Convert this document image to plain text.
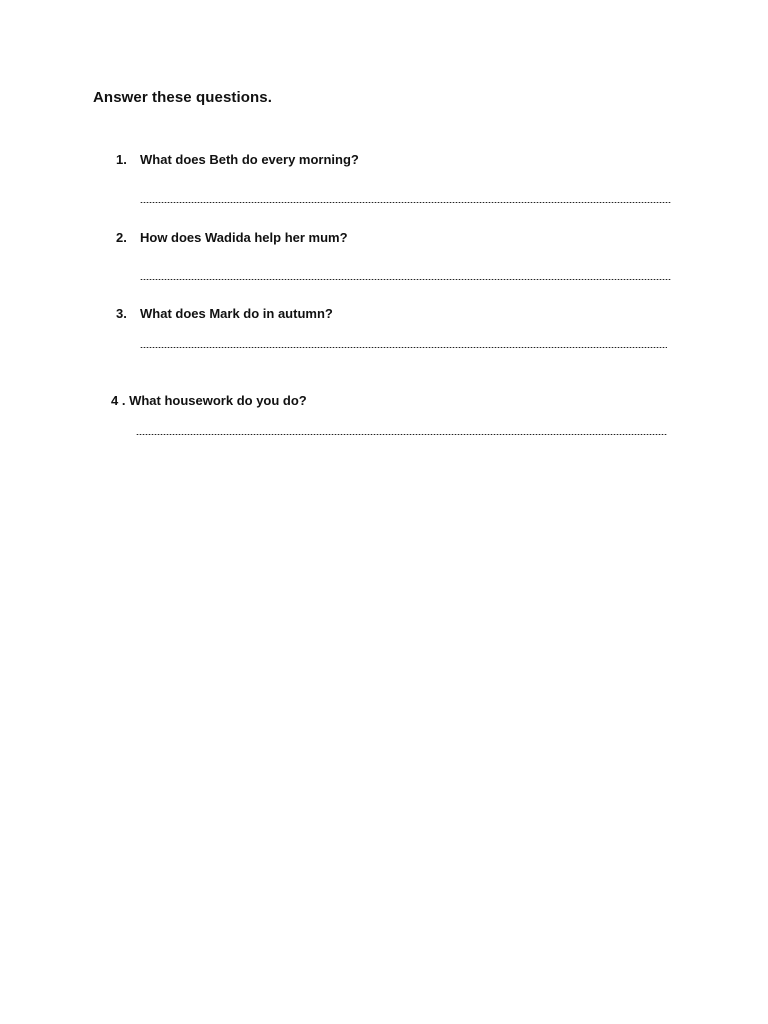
Answer these questions.
1. What does Beth do every morning?
2. How does Wadida help her mum?
3. What does Mark do in autumn?
4 . What housework do you do?
